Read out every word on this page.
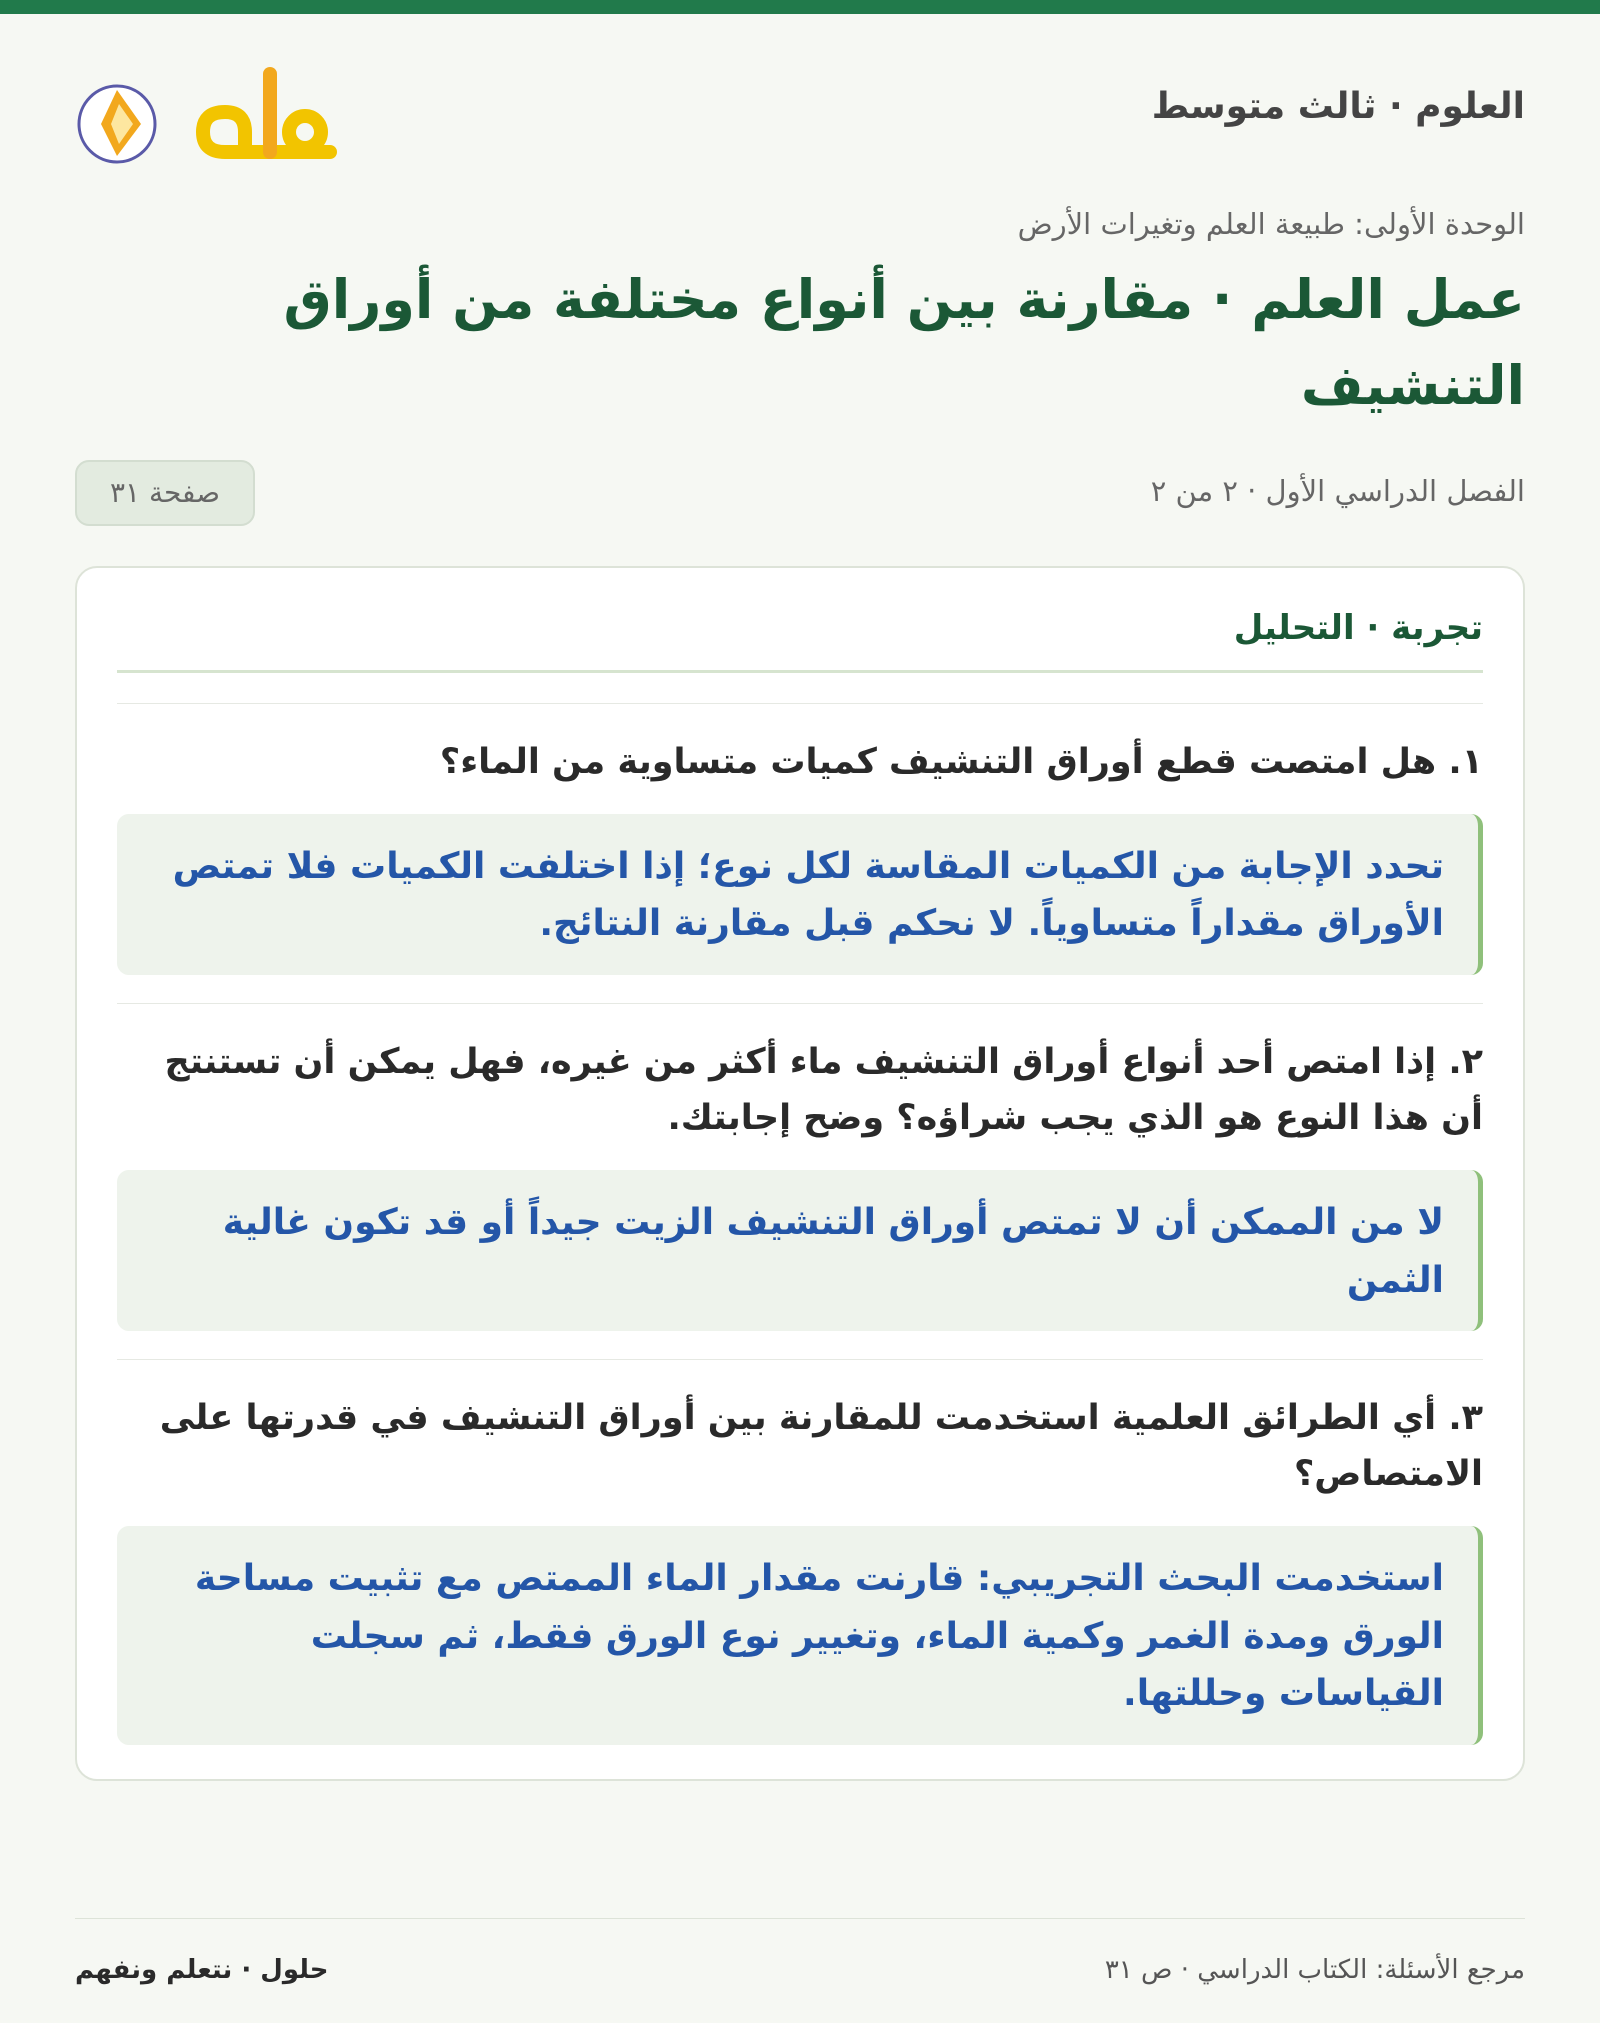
العلوم · ثالث متوسط
الوحدة الأولى: طبيعة العلم وتغيرات الأرض
عمل العلم · مقارنة بين أنواع مختلفة من أوراق التنشيف
الفصل الدراسي الأول · ٢ من ٢
صفحة ٣١
تجربة · التحليل
١. هل امتصت قطع أوراق التنشيف كميات متساوية من الماء؟
تحدد الإجابة من الكميات المقاسة لكل نوع؛ إذا اختلفت الكميات فلا تمتص الأوراق مقداراً متساوياً. لا نحكم قبل مقارنة النتائج.
٢. إذا امتص أحد أنواع أوراق التنشيف ماء أكثر من غيره، فهل يمكن أن تستنتج أن هذا النوع هو الذي يجب شراؤه؟ وضح إجابتك.
لا من الممكن أن لا تمتص أوراق التنشيف الزيت جيداً أو قد تكون غالية الثمن
٣. أي الطرائق العلمية استخدمت للمقارنة بين أوراق التنشيف في قدرتها على الامتصاص؟
استخدمت البحث التجريبي: قارنت مقدار الماء الممتص مع تثبيت مساحة الورق ومدة الغمر وكمية الماء، وتغيير نوع الورق فقط، ثم سجلت القياسات وحللتها.
مرجع الأسئلة: الكتاب الدراسي · ص ٣١
حلول · نتعلم ونفهم
